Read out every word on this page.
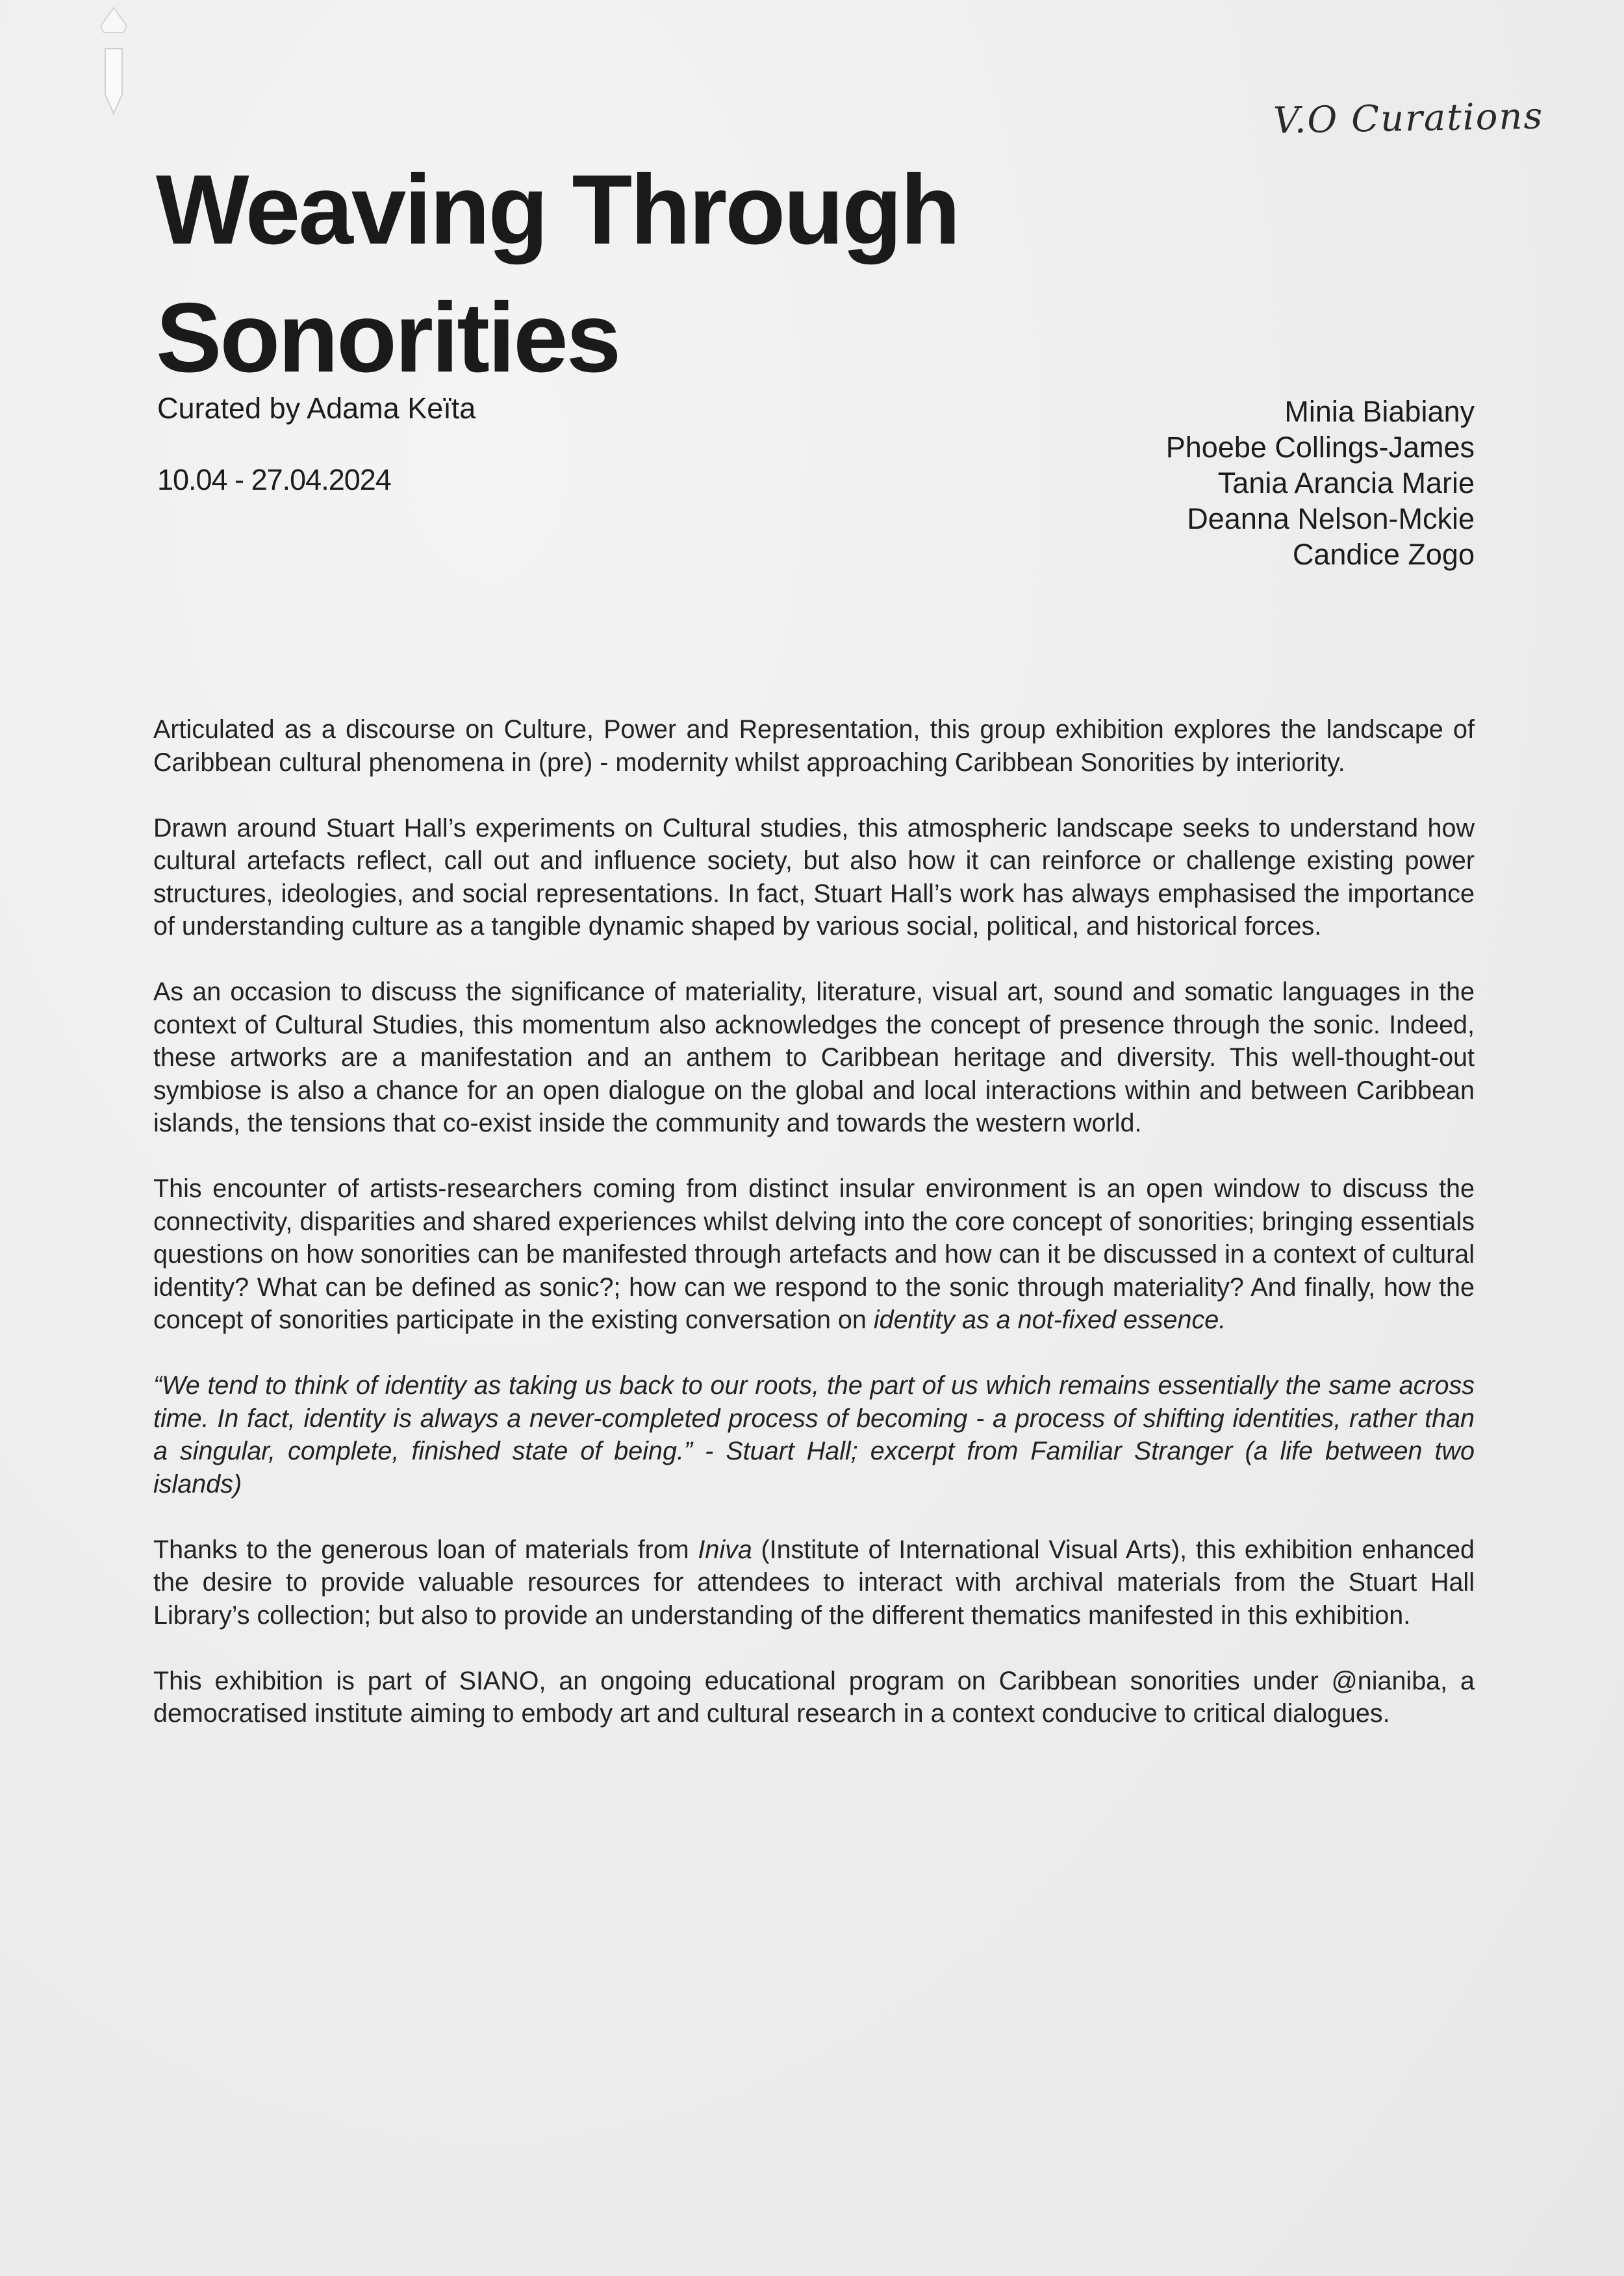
V.O Curations
Weaving Through
Sonorities
Curated by Adama Keïta
10.04 - 27.04.2024
Minia Biabiany
Phoebe Collings-James
Tania Arancia Marie
Deanna Nelson-Mckie
Candice Zogo

Articulated as a discourse on Culture, Power and Representation, this group exhibition explores the landscape of Caribbean cultural phenomena in (pre) - modernity whilst approaching Caribbean Sonorities by interiority.

Drawn around Stuart Hall’s experiments on Cultural studies, this atmospheric landscape seeks to understand how cultural artefacts reflect, call out and influence society, but also how it can reinforce or challenge existing power structures, ideologies, and social representations. In fact, Stuart Hall’s work has always emphasised the importance of understanding culture as a tangible dynamic shaped by various social, political, and historical forces.

As an occasion to discuss the significance of materiality, literature, visual art, sound and somatic languages in the context of Cultural Studies, this momentum also acknowledges the concept of presence through the sonic. Indeed, these artworks are a manifestation and an anthem to Caribbean heritage and diversity. This well-thought-out symbiose is also a chance for an open dialogue on the global and local interactions within and between Caribbean islands, the tensions that co-exist inside the community and towards the western world.

This encounter of artists-researchers coming from distinct insular environment is an open window to discuss the connectivity, disparities and shared experiences whilst delving into the core concept of sonorities; bringing essentials questions on how sonorities can be manifested through artefacts and how can it be discussed in a context of cultural identity? What can be defined as sonic?; how can we respond to the sonic through materiality? And finally, how the concept of sonorities participate in the existing conversation on identity as a not-fixed essence.

“We tend to think of identity as taking us back to our roots, the part of us which remains essentially the same across time. In fact, identity is always a never-completed process of becoming - a process of shifting identities, rather than a singular, complete, finished state of being.” - Stuart Hall; excerpt from Familiar Stranger (a life between two islands)

Thanks to the generous loan of materials from Iniva (Institute of International Visual Arts), this exhibition enhanced the desire to provide valuable resources for attendees to interact with archival materials from the Stuart Hall Library’s collection; but also to provide an understanding of the different thematics manifested in this exhibition.

This exhibition is part of SIANO, an ongoing educational program on Caribbean sonorities under @nianiba, a democratised institute aiming to embody art and cultural research in a context conducive to critical dialogues.
